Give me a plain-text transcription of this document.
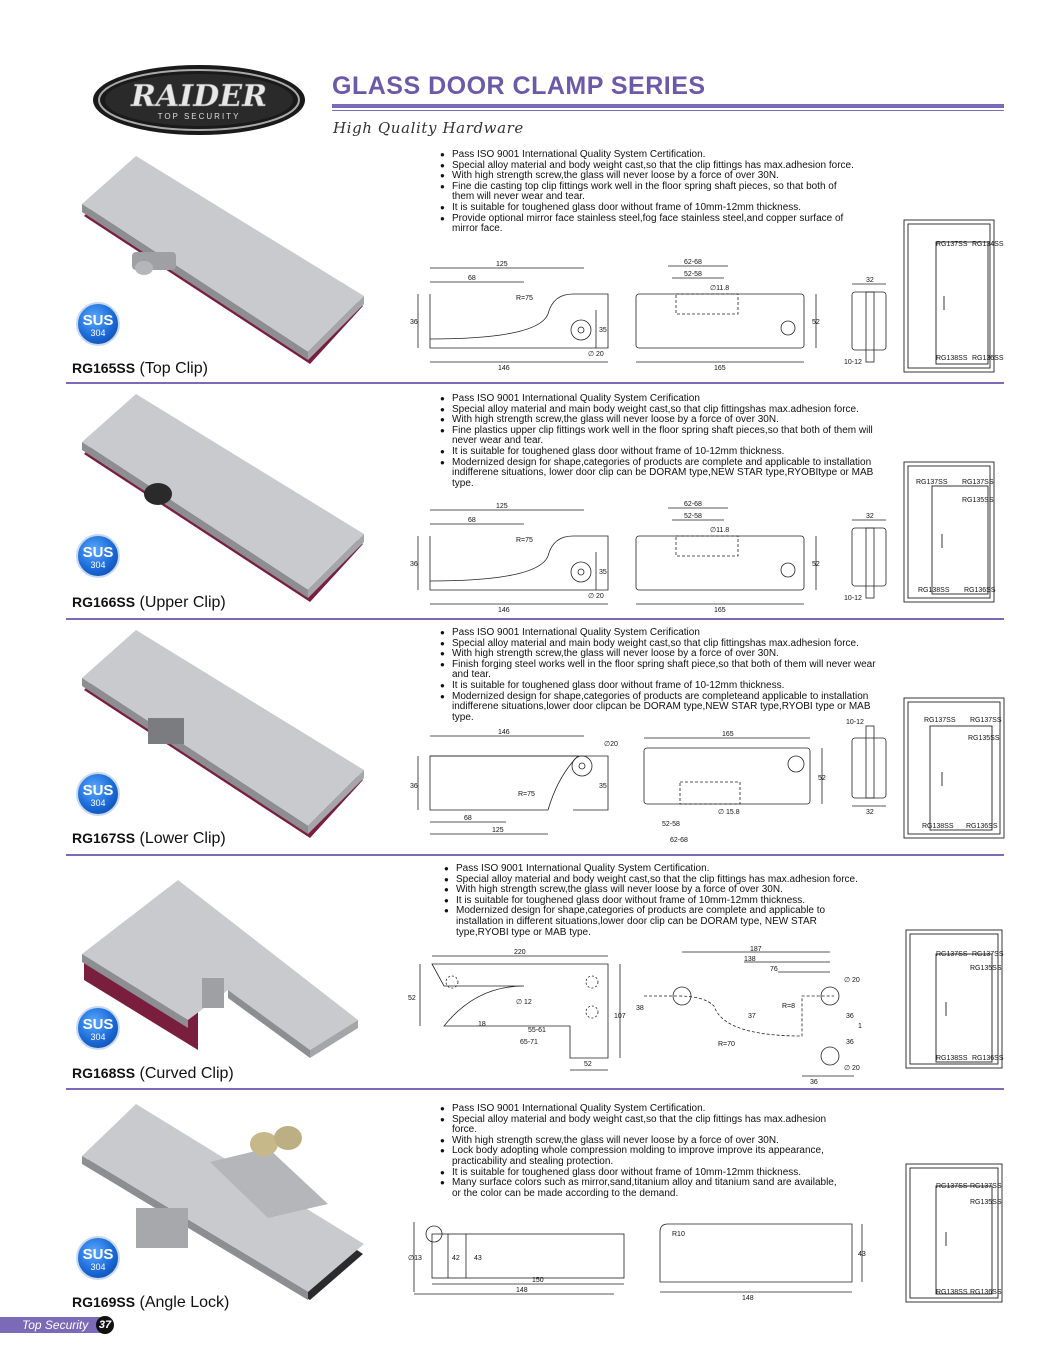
RAIDER
TOP SECURITY
GLASS DOOR CLAMP SERIES
High Quality Hardware
SUS
304
RG165SS (Top Clip)
● Pass ISO 9001 International Quality System Certification.
● Special alloy material and body weight cast,so that the clip fittings has max.adhesion force.
● With high strength screw,the glass will never loose by a force of over 30N.
● Fine die casting top clip fittings work well in the floor spring shaft pieces, so that both of them will never wear and tear.
● It is suitable for toughened glass door without frame of 10mm-12mm thickness.
● Provide optional mirror face stainless steel,fog face stainless steel,and copper surface of mirror face.
125
68
R=75
36
35
∅ 20
146
62-68
52-58
∅11.8
52
165
32
10-12
RG137SS RG134SS
RG138SS RG136SS
SUS
304
RG166SS (Upper Clip)
● Pass ISO 9001 International Quality System Cerification
● Special alloy material and main body weight cast,so that clip fittingshas max.adhesion force.
● With high strength screw,the glass will never loose by a force of over 30N.
● Fine plastics upper clip fittings work well in the floor spring shaft pieces,so that both of them will never wear and tear.
● It is suitable for toughened glass door without frame of 10-12mm thickness.
● Modernized design for shape,categories of products are complete and applicable to installation indifferene situations, lower door clip can be DORAM type,NEW STAR type,RYOBItype or MAB type.
125
68
R=75
36
35
∅ 20
146
62-68
52-58
∅11.8
52
165
32
10-12
RG137SS RG137SS
RG135SS
RG138SS RG136SS
SUS
304
RG167SS (Lower Clip)
● Pass ISO 9001 International Quality System Cerification
● Special alloy material and main body weight cast,so that clip fittingshas max.adhesion force.
● With high strength screw,the glass will never loose by a force of over 30N.
● Finish forging steel works well in the floor spring shaft piece,so that both of them will never wear and tear.
● It is suitable for toughened glass door without frame of 10-12mm thickness.
● Modernized design for shape,categories of products are completeand applicable to installation indifferene situations,lower door clipcan be DORAM type,NEW STAR type,RYOBI type or MAB type.
146
∅20
36	35
R=75
68
125
165
52
∅ 15.8
52-58
62-68
10-12
32
RG137SS RG137SS
RG135SS
RG138SS RG136SS
SUS
304
RG168SS (Curved Clip)
● Pass ISO 9001 International Quality System Certification.
● Special alloy material and body weight cast,so that the clip fittings has max.adhesion force.
● With high strength screw,the glass will never loose by a force of over 30N.
● It is suitable for toughened glass door without frame of 10mm-12mm thickness.
● Modernized design for shape,categories of products are complete and applicable to installation in different situations,lower door clip can be DORAM type, NEW STAR type,RYOBI type or MAB type.
220
52
∅ 12
18
55-61
65-71
52
107
187
138
76
∅ 20
38
R=70
37
R=8
36
1
36
36
∅ 20
RG137SS RG137SS
RG135SS
RG138SS RG136SS
SUS
304
RG169SS (Angle Lock)
● Pass ISO 9001 International Quality System Certification.
● Special alloy material and body weight cast,so that the clip fittings has max.adhesion force.
● With high strength screw,the glass will never loose by a force of over 30N.
● Lock body adopting whole compression molding to improve improve its appearance, practicability and stealing protection.
● It is suitable for toughened glass door without frame of 10mm-12mm thickness.
● Many surface colors such as mirror,sand,titanium alloy and titanium sand are available, or the color can be made according to the demand.
∅13	42 43
150
148
R10
43
148
RG137SS RG137SS
RG135SS
RG138SS RG136SS
Top Security 37
